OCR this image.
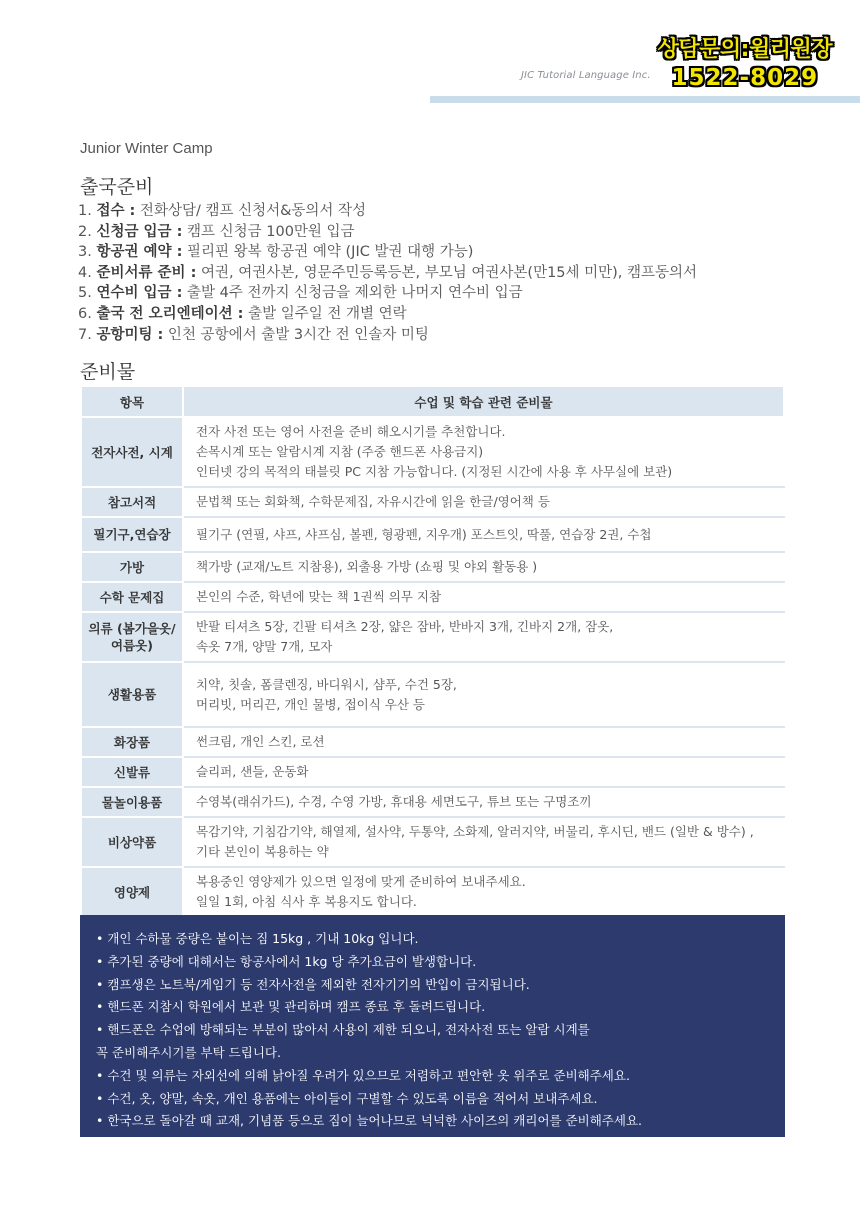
JIC Tutorial Language Inc.
상담문의:윌리원장
1522-8029
Junior Winter Camp
출국준비
1. 접수 : 전화상담/ 캠프 신청서&동의서 작성
2. 신청금 입금 : 캠프 신청금 100만원 입금
3. 항공권 예약 : 필리핀 왕복 항공권 예약 (JIC 발권 대행 가능)
4. 준비서류 준비 : 여권, 여권사본, 영문주민등록등본, 부모님 여권사본(만15세 미만), 캠프동의서
5. 연수비 입금 : 출발 4주 전까지 신청금을 제외한 나머지 연수비 입금
6. 출국 전 오리엔테이션 : 출발 일주일 전 개별 연락
7. 공항미팅 : 인천 공항에서 출발 3시간 전 인솔자 미팅
준비물
항목	수업 및 학습 관련 준비물
전자사전, 시계	전자 사전 또는 영어 사전을 준비 해오시기를 추천합니다.
손목시계 또는 알람시계 지참 (주중 핸드폰 사용금지)
인터넷 강의 목적의 태블릿 PC 지참 가능합니다. (지정된 시간에 사용 후 사무실에 보관)

참고서적	문법책 또는 회화책, 수학문제집, 자유시간에 읽을 한글/영어책 등

필기구,연습장	필기구 (연필, 샤프, 샤프심, 볼펜, 형광펜, 지우개) 포스트잇, 딱풀, 연습장 2권, 수첩

가방	책가방 (교재/노트 지참용), 외출용 가방 (쇼핑 및 야외 활동용 )

수학 문제집	본인의 수준, 학년에 맞는 책 1권씩 의무 지참

의류 (봄가을옷/ 여름옷)	반팔 티셔츠 5장, 긴팔 티셔츠 2장, 얇은 잠바, 반바지 3개, 긴바지 2개, 잠옷,
속옷 7개, 양말 7개, 모자

생활용품	치약, 칫솔, 폼클렌징, 바디워시, 샴푸, 수건 5장,
머리빗, 머리끈, 개인 물병, 접이식 우산 등

화장품	썬크림, 개인 스킨, 로션

신발류	슬리퍼, 샌들, 운동화

물놀이용품	수영복(래쉬가드), 수경, 수영 가방, 휴대용 세면도구, 튜브 또는 구명조끼

비상약품	목감기약, 기침감기약, 해열제, 설사약, 두통약, 소화제, 알러지약, 버물리, 후시딘, 밴드 (일반 & 방수) ,
기타 본인이 복용하는 약

영양제	복용중인 영양제가 있으면 일정에 맞게 준비하여 보내주세요.
일일 1회, 아침 식사 후 복용지도 합니다.
• 개인 수하물 중량은 붙이는 짐 15kg , 기내 10kg 입니다.
• 추가된 중량에 대해서는 항공사에서 1kg 당 추가요금이 발생합니다.
• 캠프생은 노트북/게임기 등 전자사전을 제외한 전자기기의 반입이 금지됩니다.
• 핸드폰 지참시 학원에서 보관 및 관리하며 캠프 종료 후 돌려드립니다.
• 핸드폰은 수업에 방해되는 부분이 많아서 사용이 제한 되오니, 전자사전 또는 알람 시계를
꼭 준비해주시기를 부탁 드립니다.
• 수건 및 의류는 자외선에 의해 낡아질 우려가 있으므로 저렴하고 편안한 옷 위주로 준비해주세요.
• 수건, 옷, 양말, 속옷, 개인 용품에는 아이들이 구별할 수 있도록 이름을 적어서 보내주세요.
• 한국으로 돌아갈 때 교재, 기념품 등으로 짐이 늘어나므로 넉넉한 사이즈의 캐리어를 준비해주세요.
